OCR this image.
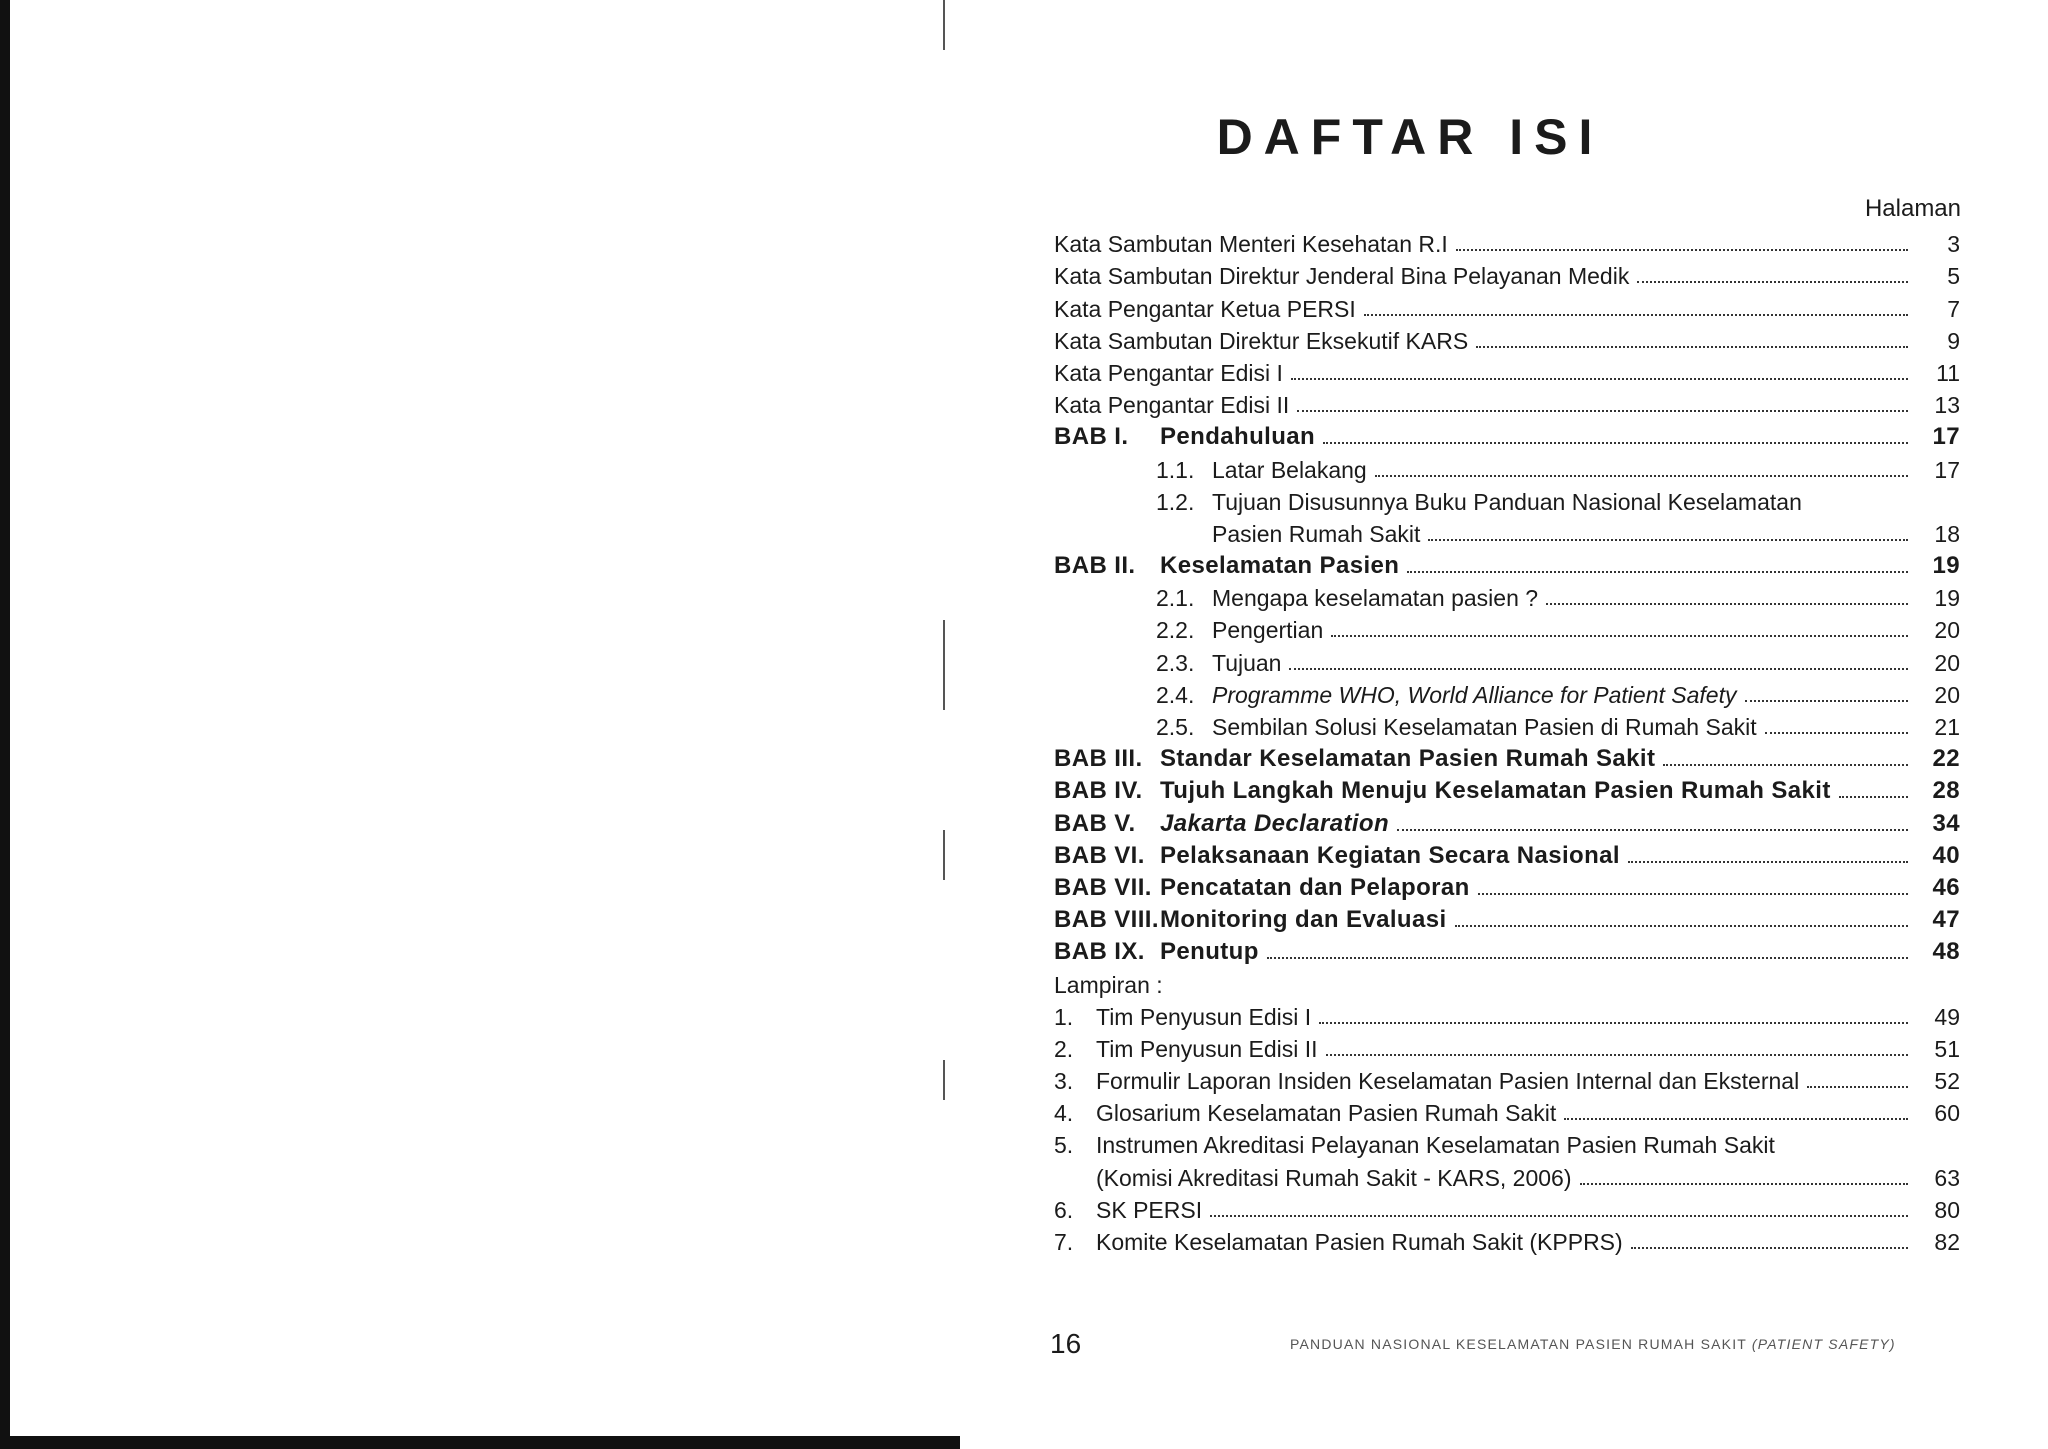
DAFTAR ISI
Halaman
Kata Sambutan Menteri Kesehatan R.I	3
Kata Sambutan Direktur Jenderal Bina Pelayanan Medik	5
Kata Pengantar Ketua PERSI	7
Kata Sambutan Direktur Eksekutif KARS	9
Kata Pengantar Edisi I	11
Kata Pengantar Edisi II	13
BAB I.	Pendahuluan	17
1.1. Latar Belakang	17
1.2. Tujuan Disusunnya Buku Panduan Nasional Keselamatan
Pasien Rumah Sakit	18
BAB II.	Keselamatan Pasien	19
2.1. Mengapa keselamatan pasien ?	19
2.2. Pengertian	20
2.3. Tujuan	20
2.4. Programme WHO, World Alliance for Patient Safety	20
2.5. Sembilan Solusi Keselamatan Pasien di Rumah Sakit	21
BAB III. Standar Keselamatan Pasien Rumah Sakit	22
BAB IV. Tujuh Langkah Menuju Keselamatan Pasien Rumah Sakit	28
BAB V.	Jakarta Declaration	34
BAB VI. Pelaksanaan Kegiatan Secara Nasional	40
BAB VII. Pencatatan dan Pelaporan	46
BAB VIII. Monitoring dan Evaluasi	47
BAB IX. Penutup	48
Lampiran :
1. Tim Penyusun Edisi I	49
2. Tim Penyusun Edisi II	51
3. Formulir Laporan Insiden Keselamatan Pasien Internal dan Eksternal	52
4. Glosarium Keselamatan Pasien Rumah Sakit	60
5. Instrumen Akreditasi Pelayanan Keselamatan Pasien Rumah Sakit
(Komisi Akreditasi Rumah Sakit - KARS, 2006)	63
6. SK PERSI	80
7. Komite Keselamatan Pasien Rumah Sakit (KPPRS)	82
16	PANDUAN NASIONAL KESELAMATAN PASIEN RUMAH SAKIT (PATIENT SAFETY)
